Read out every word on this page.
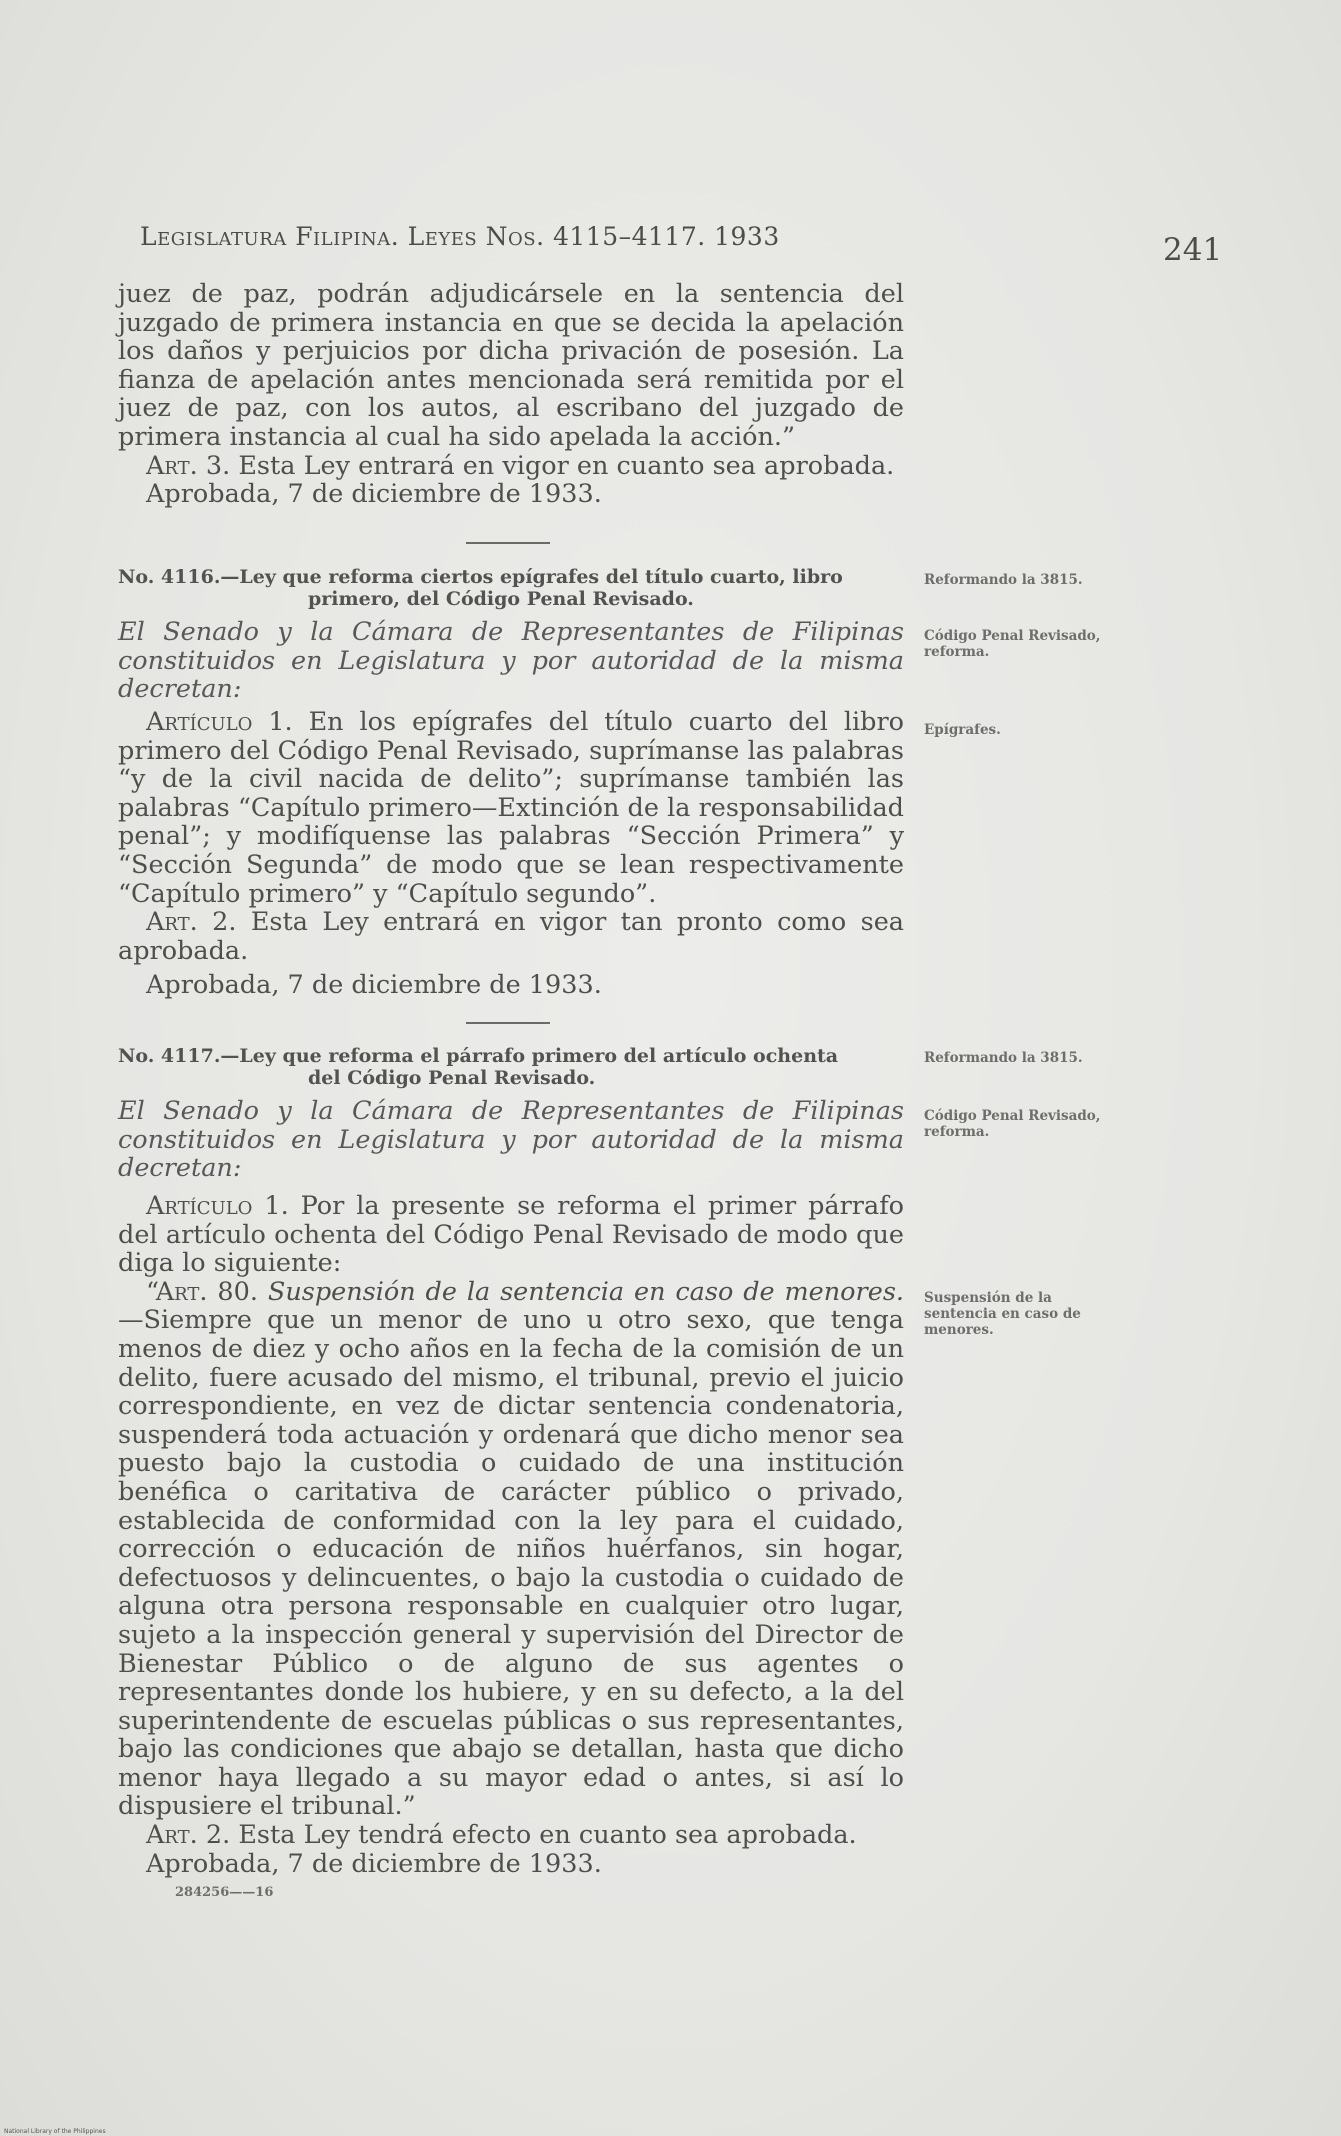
Legislatura Filipina. Leyes Nos. 4115–4117. 1933	241

juez de paz, podrán adjudicársele en la sentencia del juzgado de primera instancia en que se decida la apelación los daños y perjuicios por dicha privación de posesión. La fianza de apelación antes mencionada será remitida por el juez de paz, con los autos, al escribano del juzgado de primera instancia al cual ha sido apelada la acción.”

Art. 3. Esta Ley entrará en vigor en cuanto sea aprobada.

Aprobada, 7 de diciembre de 1933.

No. 4116.—Ley que reforma ciertos epígrafes del título cuarto, libro
primero, del Código Penal Revisado.
Reformando la 3815.
El Senado y la Cámara de Representantes de Filipinas constituidos en Legislatura y por autoridad de la misma decretan:
Código Penal Revisado, reforma.

Artículo 1. En los epígrafes del título cuarto del libro primero del Código Penal Revisado, suprímanse las palabras “y de la civil nacida de delito”; suprímanse también las palabras “Capítulo primero—Extinción de la responsabilidad penal”; y modifíquense las palabras “Sección Primera” y “Sección Segunda” de modo que se lean respectivamente “Capítulo primero” y “Capítulo segundo”.

Art. 2. Esta Ley entrará en vigor tan pronto como sea aprobada.

Aprobada, 7 de diciembre de 1933.

Epígrafes.
No. 4117.—Ley que reforma el párrafo primero del artículo ochenta
del Código Penal Revisado.
Reformando la 3815.
El Senado y la Cámara de Representantes de Filipinas constituidos en Legislatura y por autoridad de la misma decretan:
Código Penal Revisado, reforma.

Artículo 1. Por la presente se reforma el primer párrafo del artículo ochenta del Código Penal Revisado de modo que diga lo siguiente:

“Art. 80. Suspensión de la sentencia en caso de menores.—Siempre que un menor de uno u otro sexo, que tenga menos de diez y ocho años en la fecha de la comisión de un delito, fuere acusado del mismo, el tribunal, previo el juicio correspondiente, en vez de dictar sentencia condenatoria, suspenderá toda actuación y ordenará que dicho menor sea puesto bajo la custodia o cuidado de una institución benéfica o caritativa de carácter público o privado, establecida de conformidad con la ley para el cuidado, corrección o educación de niños huérfanos, sin hogar, defectuosos y delincuentes, o bajo la custodia o cuidado de alguna otra persona responsable en cualquier otro lugar, sujeto a la inspección general y supervisión del Director de Bienestar Público o de alguno de sus agentes o representantes donde los hubiere, y en su defecto, a la del superintendente de escuelas públicas o sus representantes, bajo las condiciones que abajo se detallan, hasta que dicho menor haya llegado a su mayor edad o antes, si así lo dispusiere el tribunal.”

Art. 2. Esta Ley tendrá efecto en cuanto sea aprobada.

Aprobada, 7 de diciembre de 1933.

Suspensión de la sentencia en caso de menores.
284256——16
National Library of the Philippines
